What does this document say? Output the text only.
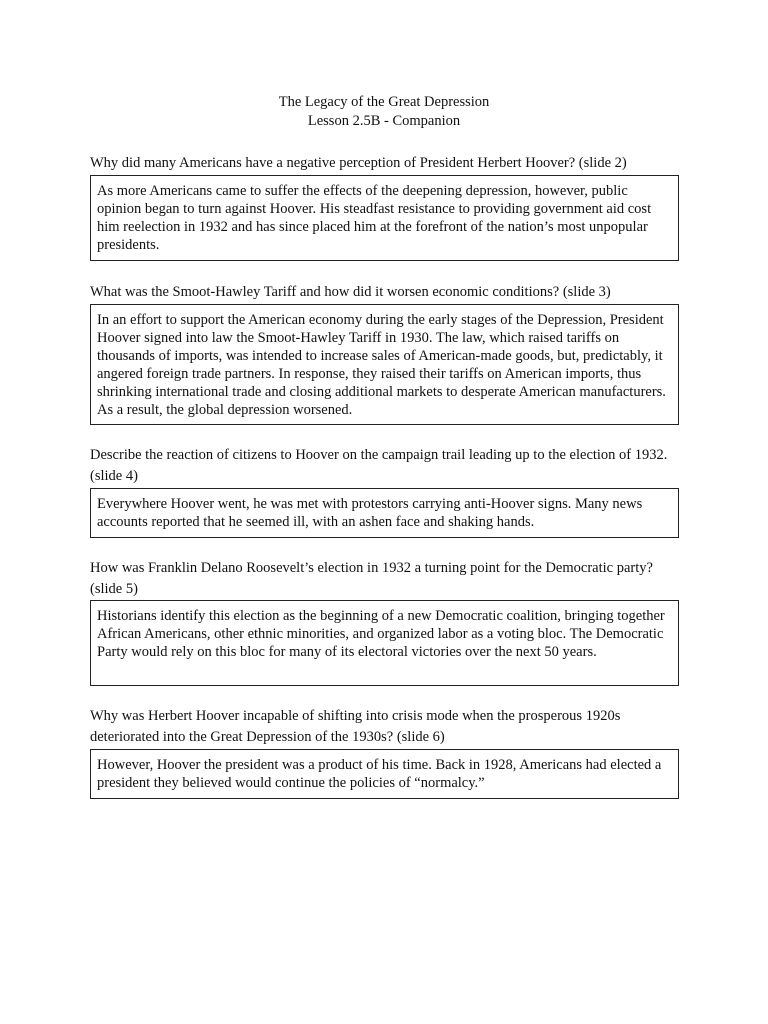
The Legacy of the Great Depression
Lesson 2.5B - Companion
Why did many Americans have a negative perception of President Herbert Hoover? (slide 2)
As more Americans came to suffer the effects of the deepening depression, however, public opinion began to turn against Hoover. His steadfast resistance to providing government aid cost him reelection in 1932 and has since placed him at the forefront of the nation’s most unpopular presidents.
What was the Smoot-Hawley Tariff and how did it worsen economic conditions? (slide 3)
In an effort to support the American economy during the early stages of the Depression, President Hoover signed into law the Smoot-Hawley Tariff in 1930. The law, which raised tariffs on thousands of imports, was intended to increase sales of American-made goods, but, predictably, it angered foreign trade partners. In response, they raised their tariffs on American imports, thus shrinking international trade and closing additional markets to desperate American manufacturers. As a result, the global depression worsened.
Describe the reaction of citizens to Hoover on the campaign trail leading up to the election of 1932. (slide 4)
Everywhere Hoover went, he was met with protestors carrying anti-Hoover signs. Many news accounts reported that he seemed ill, with an ashen face and shaking hands.
How was Franklin Delano Roosevelt’s election in 1932 a turning point for the Democratic party? (slide 5)
Historians identify this election as the beginning of a new Democratic coalition, bringing together African Americans, other ethnic minorities, and organized labor as a voting bloc. The Democratic Party would rely on this bloc for many of its electoral victories over the next 50 years.
Why was Herbert Hoover incapable of shifting into crisis mode when the prosperous 1920s deteriorated into the Great Depression of the 1930s? (slide 6)
However, Hoover the president was a product of his time. Back in 1928, Americans had elected a president they believed would continue the policies of “normalcy.”
